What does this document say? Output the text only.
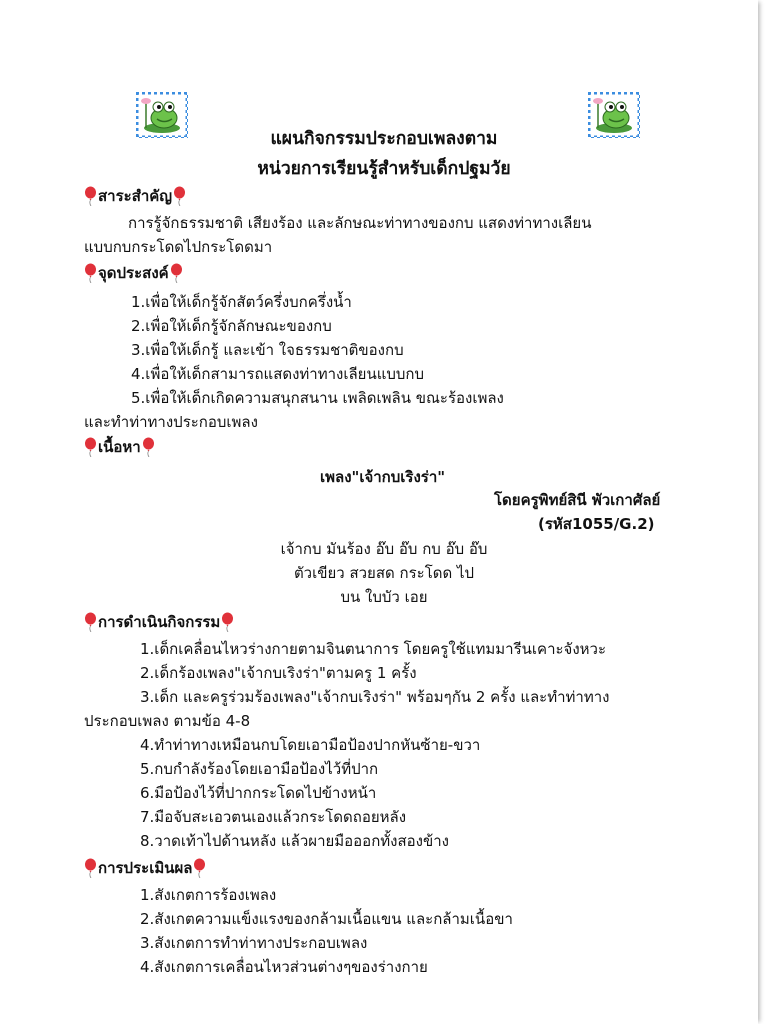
แผนกิจกรรมประกอบเพลงตาม
หน่วยการเรียนรู้สำหรับเด็กปฐมวัย
สาระสำคัญ
การรู้จักธรรมชาติ เสียงร้อง และลักษณะท่าทางของกบ แสดงท่าทางเลียน
แบบกบกระโดดไปกระโดดมา
จุดประสงค์
1.เพื่อให้เด็กรู้จักสัตว์ครึ่งบกครึ่งน้ำ
2.เพื่อให้เด็กรู้จักลักษณะของกบ
3.เพื่อให้เด็กรู้ และเข้า ใจธรรมชาติของกบ
4.เพื่อให้เด็กสามารถแสดงท่าทางเลียนแบบกบ
5.เพื่อให้เด็กเกิดความสนุกสนาน เพลิดเพลิน ขณะร้องเพลง
และทำท่าทางประกอบเพลง
เนื้อหา
เพลง"เจ้ากบเริงร่า"
โดยครูพิทย์สินี พัวเกาศัลย์
(รหัส1055/G.2)
เจ้ากบ มันร้อง อ๊บ อ๊บ กบ อ๊บ อ๊บ
ตัวเขียว สวยสด กระโดด ไป
บน ใบบัว เอย
การดำเนินกิจกรรม
1.เด็กเคลื่อนไหวร่างกายตามจินตนาการ โดยครูใช้แทมมารีนเคาะจังหวะ
2.เด็กร้องเพลง"เจ้ากบเริงร่า"ตามครู 1 ครั้ง
3.เด็ก และครูร่วมร้องเพลง"เจ้ากบเริงร่า" พร้อมๆกัน 2 ครั้ง และทำท่าทาง
ประกอบเพลง ตามข้อ 4-8
4.ทำท่าทางเหมือนกบโดยเอามือป้องปากหันซ้าย-ขวา
5.กบกำลังร้องโดยเอามือป้องไว้ที่ปาก
6.มือป้องไว้ที่ปากกระโดดไปข้างหน้า
7.มือจับสะเอวตนเองแล้วกระโดดถอยหลัง
8.วาดเท้าไปด้านหลัง แล้วผายมือออกทั้งสองข้าง
การประเมินผล
1.สังเกตการร้องเพลง
2.สังเกตความแข็งแรงของกล้ามเนื้อแขน และกล้ามเนื้อขา
3.สังเกตการทำท่าทางประกอบเพลง
4.สังเกตการเคลื่อนไหวส่วนต่างๆของร่างกาย
